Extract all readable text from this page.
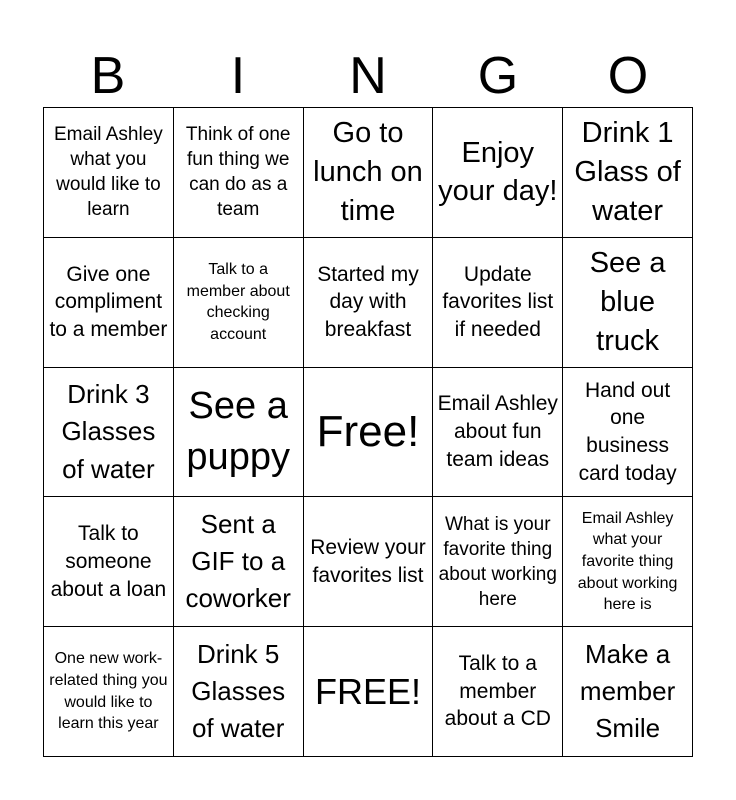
B	I	N	G	O
Email Ashley what you would like to learn
Think of one fun thing we can do as a team
Go to lunch on time
Enjoy your day!
Drink 1 Glass of water
Give one compliment to a member
Talk to a member about checking account
Started my day with breakfast
Update favorites list if needed
See a blue truck
Drink 3 Glasses of water
See a puppy
Free!
Email Ashley about fun team ideas
Hand out one business card today
Talk to someone about a loan
Sent a GIF to a coworker
Review your favorites list
What is your favorite thing about working here
Email Ashley what your favorite thing about working here is
One new work-related thing you would like to learn this year
Drink 5 Glasses of water
FREE!
Talk to a member about a CD
Make a member Smile
